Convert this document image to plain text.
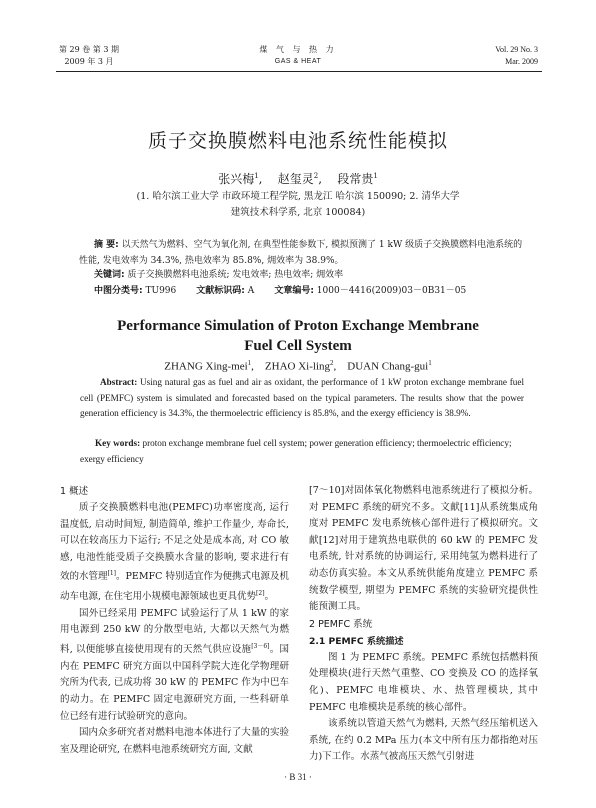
第 29 卷 第 3 期
2009 年 3 月
煤 气 与 热 力
GAS & HEAT
Vol. 29 No. 3
Mar. 2009
质子交换膜燃料电池系统性能模拟
张兴梅$^1$,    赵玺灵$^2$,    段常贵$^1$
(1. 哈尔滨工业大学 市政环境工程学院, 黑龙江 哈尔滨 150090; 2. 清华大学
建筑技术科学系, 北京 100084)
摘 要: 以天然气为燃料、空气为氧化剂, 在典型性能参数下, 模拟预测了 1 kW 级质子交换膜燃料电池系统的性能, 发电效率为 34.3%, 热电效率为 85.8%, 㶲效率为 38.9%。
关键词: 质子交换膜燃料电池系统; 发电效率; 热电效率; 㶲效率
中图分类号: TU996 文献标识码: A 文章编号: 1000－4416(2009)03－0B31－05
Performance Simulation of Proton Exchange Membrane
Fuel Cell System
ZHANG Xing-mei$^1$,    ZHAO Xi-ling$^2$,    DUAN Chang-gui$^1$
Abstract: Using natural gas as fuel and air as oxidant, the performance of 1 kW proton exchange membrane fuel cell (PEMFC) system is simulated and forecasted based on the typical parameters. The results show that the power generation efficiency is 34.3%, the thermoelectric efficiency is 85.8%, and the exergy efficiency is 38.9%.
Key words: proton exchange membrane fuel cell system; power generation efficiency; thermoelectric efficiency; exergy efficiency
1 概述

质子交换膜燃料电池(PEMFC)功率密度高, 运行温度低, 启动时间短, 制造简单, 维护工作量少, 寿命长, 可以在较高压力下运行; 不足之处是成本高, 对 CO 敏感, 电池性能受质子交换膜水含量的影响, 要求进行有效的水管理[1]。PEMFC 特别适宜作为便携式电源及机动车电源, 在住宅用小规模电源领域也更具优势[2]。

国外已经采用 PEMFC 试验运行了从 1 kW 的家用电源到 250 kW 的分散型电站, 大都以天然气为燃料, 以便能够直接使用现有的天然气供应设施[3－6]。国内在 PEMFC 研究方面以中国科学院大连化学物理研究所为代表, 已成功将 30 kW 的 PEMFC 作为中巴车的动力。在 PEMFC 固定电源研究方面, 一些科研单位已经有进行试验研究的意向。

国内众多研究者对燃料电池本体进行了大量的实验室及理论研究, 在燃料电池系统研究方面, 文献

[7～10]对固体氧化物燃料电池系统进行了模拟分析。对 PEMFC 系统的研究不多。文献[11]从系统集成角度对 PEMFC 发电系统核心部件进行了模拟研究。文献[12]对用于建筑热电联供的 60 kW 的 PEMFC 发电系统, 针对系统的协调运行, 采用纯氢为燃料进行了动态仿真实验。本文从系统供能角度建立 PEMFC 系统数学模型, 期望为 PEMFC 系统的实验研究提供性能预测工具。

2 PEMFC 系统
2.1 PEMFC 系统描述

图 1 为 PEMFC 系统。PEMFC 系统包括燃料预处理模块(进行天然气重整、CO 变换及 CO 的选择氧化)、PEMFC 电堆模块、水、热管理模块, 其中 PEMFC 电堆模块是系统的核心部件。

该系统以管道天然气为燃料, 天然气经压缩机送入系统, 在约 0.2 MPa 压力(本文中所有压力都指绝对压力)下工作。水蒸气被高压天然气引射进

· B 31 ·
